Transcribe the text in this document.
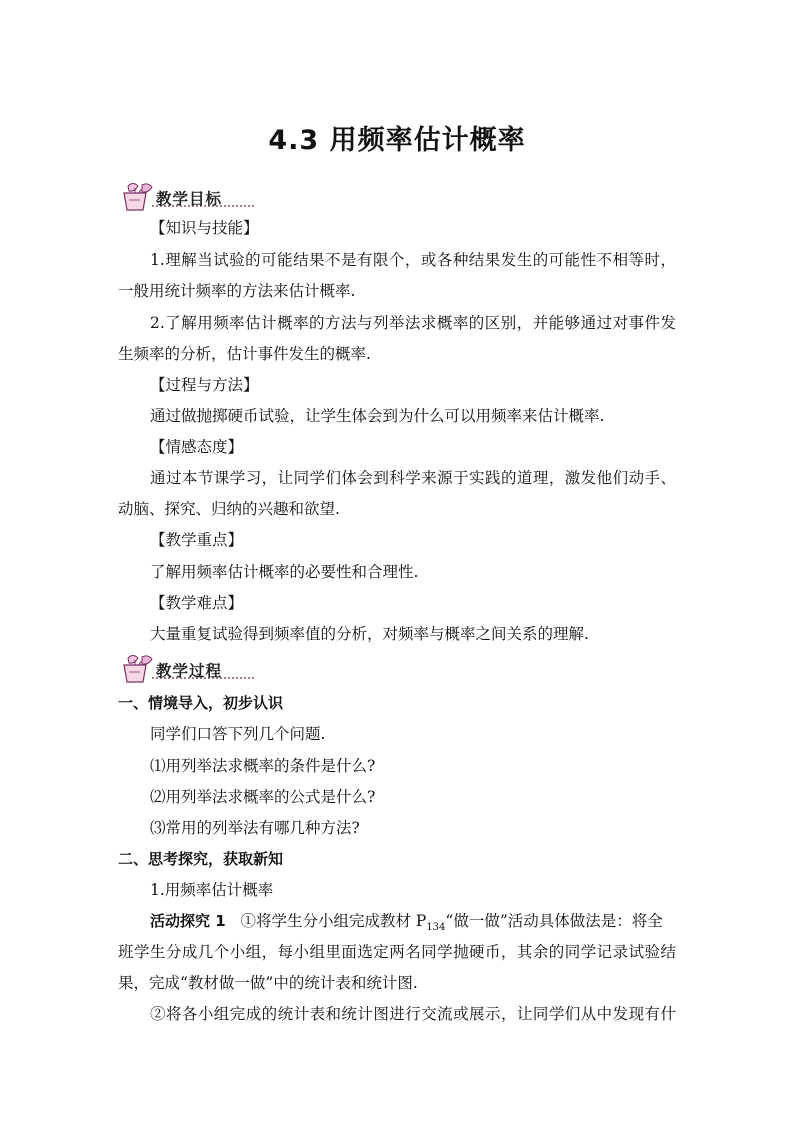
4.3 用频率估计概率
教学目标
【知识与技能】
1.理解当试验的可能结果不是有限个，或各种结果发生的可能性不相等时，
一般用统计频率的方法来估计概率.
2.了解用频率估计概率的方法与列举法求概率的区别，并能够通过对事件发
生频率的分析，估计事件发生的概率.
【过程与方法】
通过做抛掷硬币试验，让学生体会到为什么可以用频率来估计概率.
【情感态度】
通过本节课学习，让同学们体会到科学来源于实践的道理，激发他们动手、
动脑、探究、归纳的兴趣和欲望.
【教学重点】
了解用频率估计概率的必要性和合理性.
【教学难点】
大量重复试验得到频率值的分析，对频率与概率之间关系的理解.
教学过程
一、情境导入，初步认识
同学们口答下列几个问题.
⑴用列举法求概率的条件是什么?
⑵用列举法求概率的公式是什么?
⑶常用的列举法有哪几种方法?
二、思考探究，获取新知
1.用频率估计概率
活动探究 1 ①将学生分小组完成教材 $P_{134}“$做一做”活动具体做法是：将全
班学生分成几个小组，每小组里面选定两名同学抛硬币，其余的同学记录试验结
果，完成“教材做一做”中的统计表和统计图.
②将各小组完成的统计表和统计图进行交流或展示，让同学们从中发现有什
